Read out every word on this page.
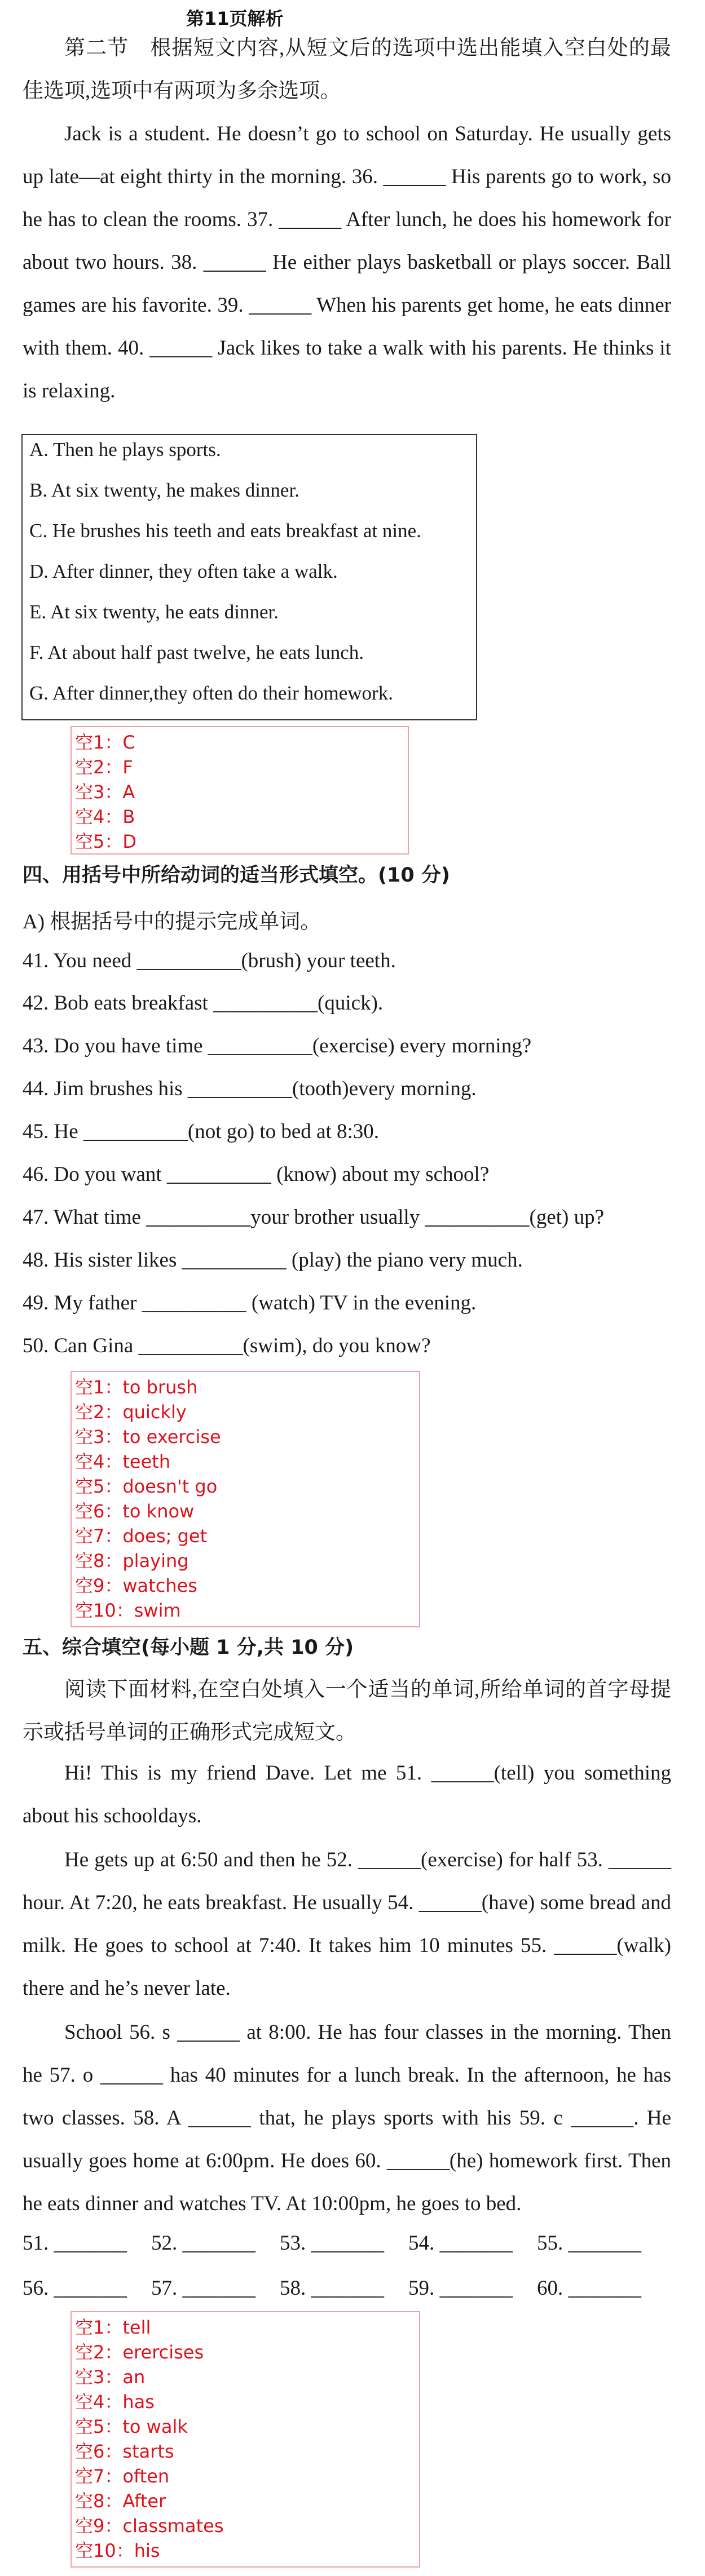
第11页解析

第二节　根据短文内容,从短文后的选项中选出能填入空白处的最佳选项,选项中有两项为多余选项。

Jack is a student. He doesn’t go to school on Saturday. He usually gets up late—at eight thirty in the morning. 36. ______ His parents go to work, so he has to clean the rooms. 37. ______ After lunch, he does his homework for about two hours. 38. ______ He either plays basketball or plays soccer. Ball games are his favorite. 39. ______ When his parents get home, he eats dinner with them. 40. ______ Jack likes to take a walk with his parents. He thinks it is relaxing.

A. Then he plays sports.
B. At six twenty, he makes dinner.
C. He brushes his teeth and eats breakfast at nine.
D. After dinner, they often take a walk.
E. At six twenty, he eats dinner.
F. At about half past twelve, he eats lunch.
G. After dinner,they often do their homework.
空1：C
空2：F
空3：A
空4：B
空5：D
四、用括号中所给动词的适当形式填空。(10 分)
A) 根据括号中的提示完成单词。
41. You need __________(brush) your teeth.
42. Bob eats breakfast __________(quick).
43. Do you have time __________(exercise) every morning?
44. Jim brushes his __________(tooth)every morning.
45. He __________(not go) to bed at 8:30.
46. Do you want __________ (know) about my school?
47. What time __________your brother usually __________(get) up?
48. His sister likes __________ (play) the piano very much.
49. My father __________ (watch) TV in the evening.
50. Can Gina __________(swim), do you know?
空1：to brush
空2：quickly
空3：to exercise
空4：teeth
空5：doesn't go
空6：to know
空7：does; get
空8：playing
空9：watches
空10：swim
五、综合填空(每小题 1 分,共 10 分)

阅读下面材料,在空白处填入一个适当的单词,所给单词的首字母提示或括号单词的正确形式完成短文。

Hi! This is my friend Dave. Let me 51. ______(tell) you something about his schooldays.

He gets up at 6:50 and then he 52. ______(exercise) for half 53. ______ hour. At 7:20, he eats breakfast. He usually 54. ______(have) some bread and milk. He goes to school at 7:40. It takes him 10 minutes 55. ______(walk) there and he’s never late.

School 56. s ______ at 8:00. He has four classes in the morning. Then he 57. o ______ has 40 minutes for a lunch break. In the afternoon, he has two classes. 58. A ______ that, he plays sports with his 59. c ______. He usually goes home at 6:00pm. He does 60. ______(he) homework first. Then he eats dinner and watches TV. At 10:00pm, he goes to bed.

51. _______ 52. _______ 53. _______ 54. _______ 55. _______
56. _______ 57. _______ 58. _______ 59. _______ 60. _______
空1：tell
空2：erercises
空3：an
空4：has
空5：to walk
空6：starts
空7：often
空8：After
空9：classmates
空10：his
